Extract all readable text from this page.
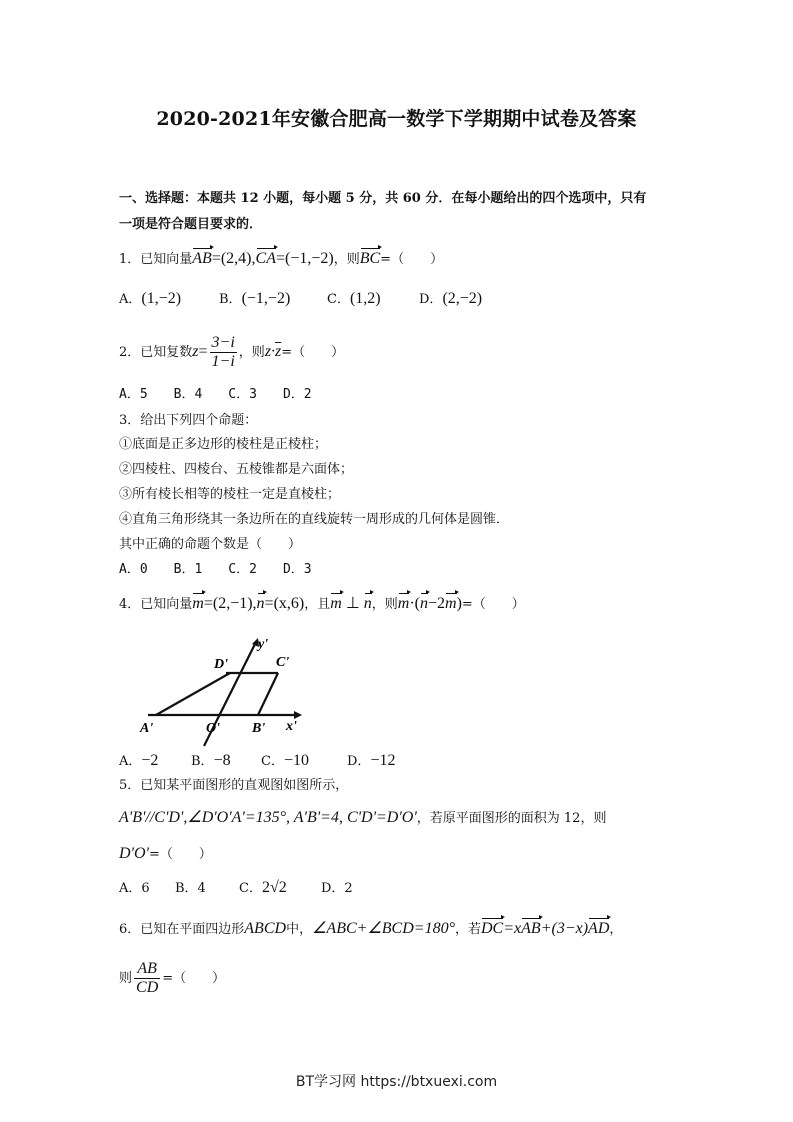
2020-2021年安徽合肥高一数学下学期期中试卷及答案
一、选择题：本题共 12 小题，每小题 5 分，共 60 分．在每小题给出的四个选项中，只有
一项是符合题目要求的．
1．已知向量AB=(2,4),CA=(−1,−2)，则BC=（　　）
A．(1,−2)	B．(−1,−2)	C．(1,2)	D．(2,−2)
2．已知复数$z= \frac{3-i}{1-i}$ ，则$z\cdot\overline{z}=$（　　）
A．5　　B．4　　C．3　　D．2
3．给出下列四个命题：
①底面是正多边形的棱柱是正棱柱；
②四棱柱、四棱台、五棱锥都是六面体；
③所有棱长相等的棱柱一定是直棱柱；
④直角三角形绕其一条边所在的直线旋转一周形成的几何体是圆锥．
其中正确的命题个数是（　　）
A．0　　B．1　　C．2　　D．3
4．已知向量m=(2,−1),n=(x,6)，且m ⊥ n，则m·(n−2m)=（　　）
y'
D'	C'
A'	O' B' x'
A．−2	B．−8 C．−10	D．−12
5．已知某平面图形的直观图如图所示，
A'B'//C'D',∠D'O'A'=135°, A'B'=4, C'D'=D'O'，若原平面图形的面积为 12，则
D'O'=（　　）
A．6 B．4	C．2√2	D．2
6．已知在平面四边形ABCD中，∠ABC+∠BCD=180°，若DC=xAB+(3−x)AD，
则 $\frac{AB}{CD}$ =（　　）
BT学习网 https://btxuexi.com
